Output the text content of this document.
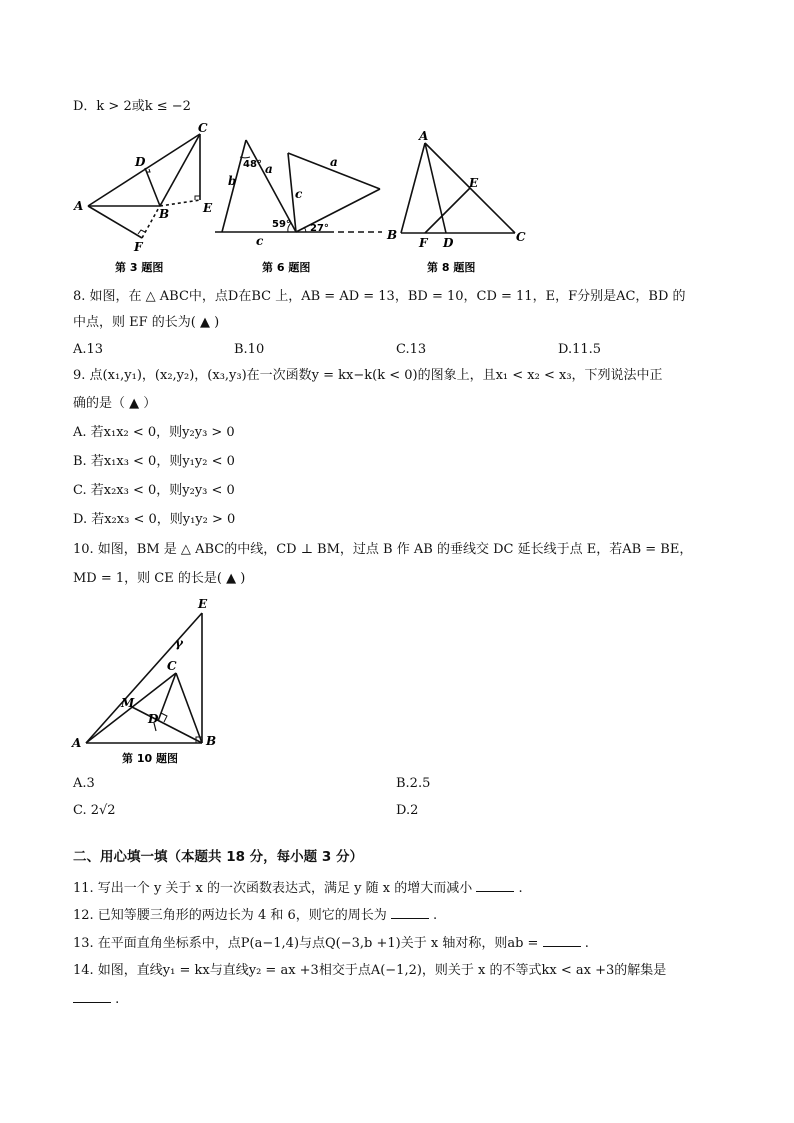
D．k > 2或k ≤ −2
C
D
A
B	E
F
第 3 题图
48° a
b
a
c
59° 27°
c
第 6 题图
A
E
B
F D	C
第 8 题图
8. 如图，在 △ ABC中，点D在BC 上，AB = AD = 13，BD = 10，CD = 11，E，F分别是AC，BD 的
中点，则 EF 的长为( ▲ )
A.13	B.10	C.13	D.11.5
9. 点(x₁,y₁)，(x₂,y₂)，(x₃,y₃)在一次函数y = kx−k(k < 0)的图象上，且x₁ < x₂ < x₃，下列说法中正
确的是（ ▲ ）
A. 若x₁x₂ < 0，则y₂y₃ > 0
B. 若x₁x₃ < 0，则y₁y₂ < 0
C. 若x₂x₃ < 0，则y₂y₃ < 0
D. 若x₂x₃ < 0，则y₁y₂ > 0
10. 如图，BM 是 △ ABC的中线，CD ⊥ BM，过点 B 作 AB 的垂线交 DC 延长线于点 E，若AB = BE，
MD = 1，则 CE 的长是( ▲ )
E
γ
C
M
D
A	B
第 10 题图
A.3	B.2.5
C. 2√2	D.2
二、用心填一填（本题共 18 分，每小题 3 分）
11. 写出一个 y 关于 x 的一次函数表达式，满足 y 随 x 的增大而减小	.
12. 已知等腰三角形的两边长为 4 和 6，则它的周长为	.
13. 在平面直角坐标系中，点P(a−1,4)与点Q(−3,b +1)关于 x 轴对称，则ab =	.
14. 如图，直线y₁ = kx与直线y₂ = ax +3相交于点A(−1,2)，则关于 x 的不等式kx < ax +3的解集是
.
